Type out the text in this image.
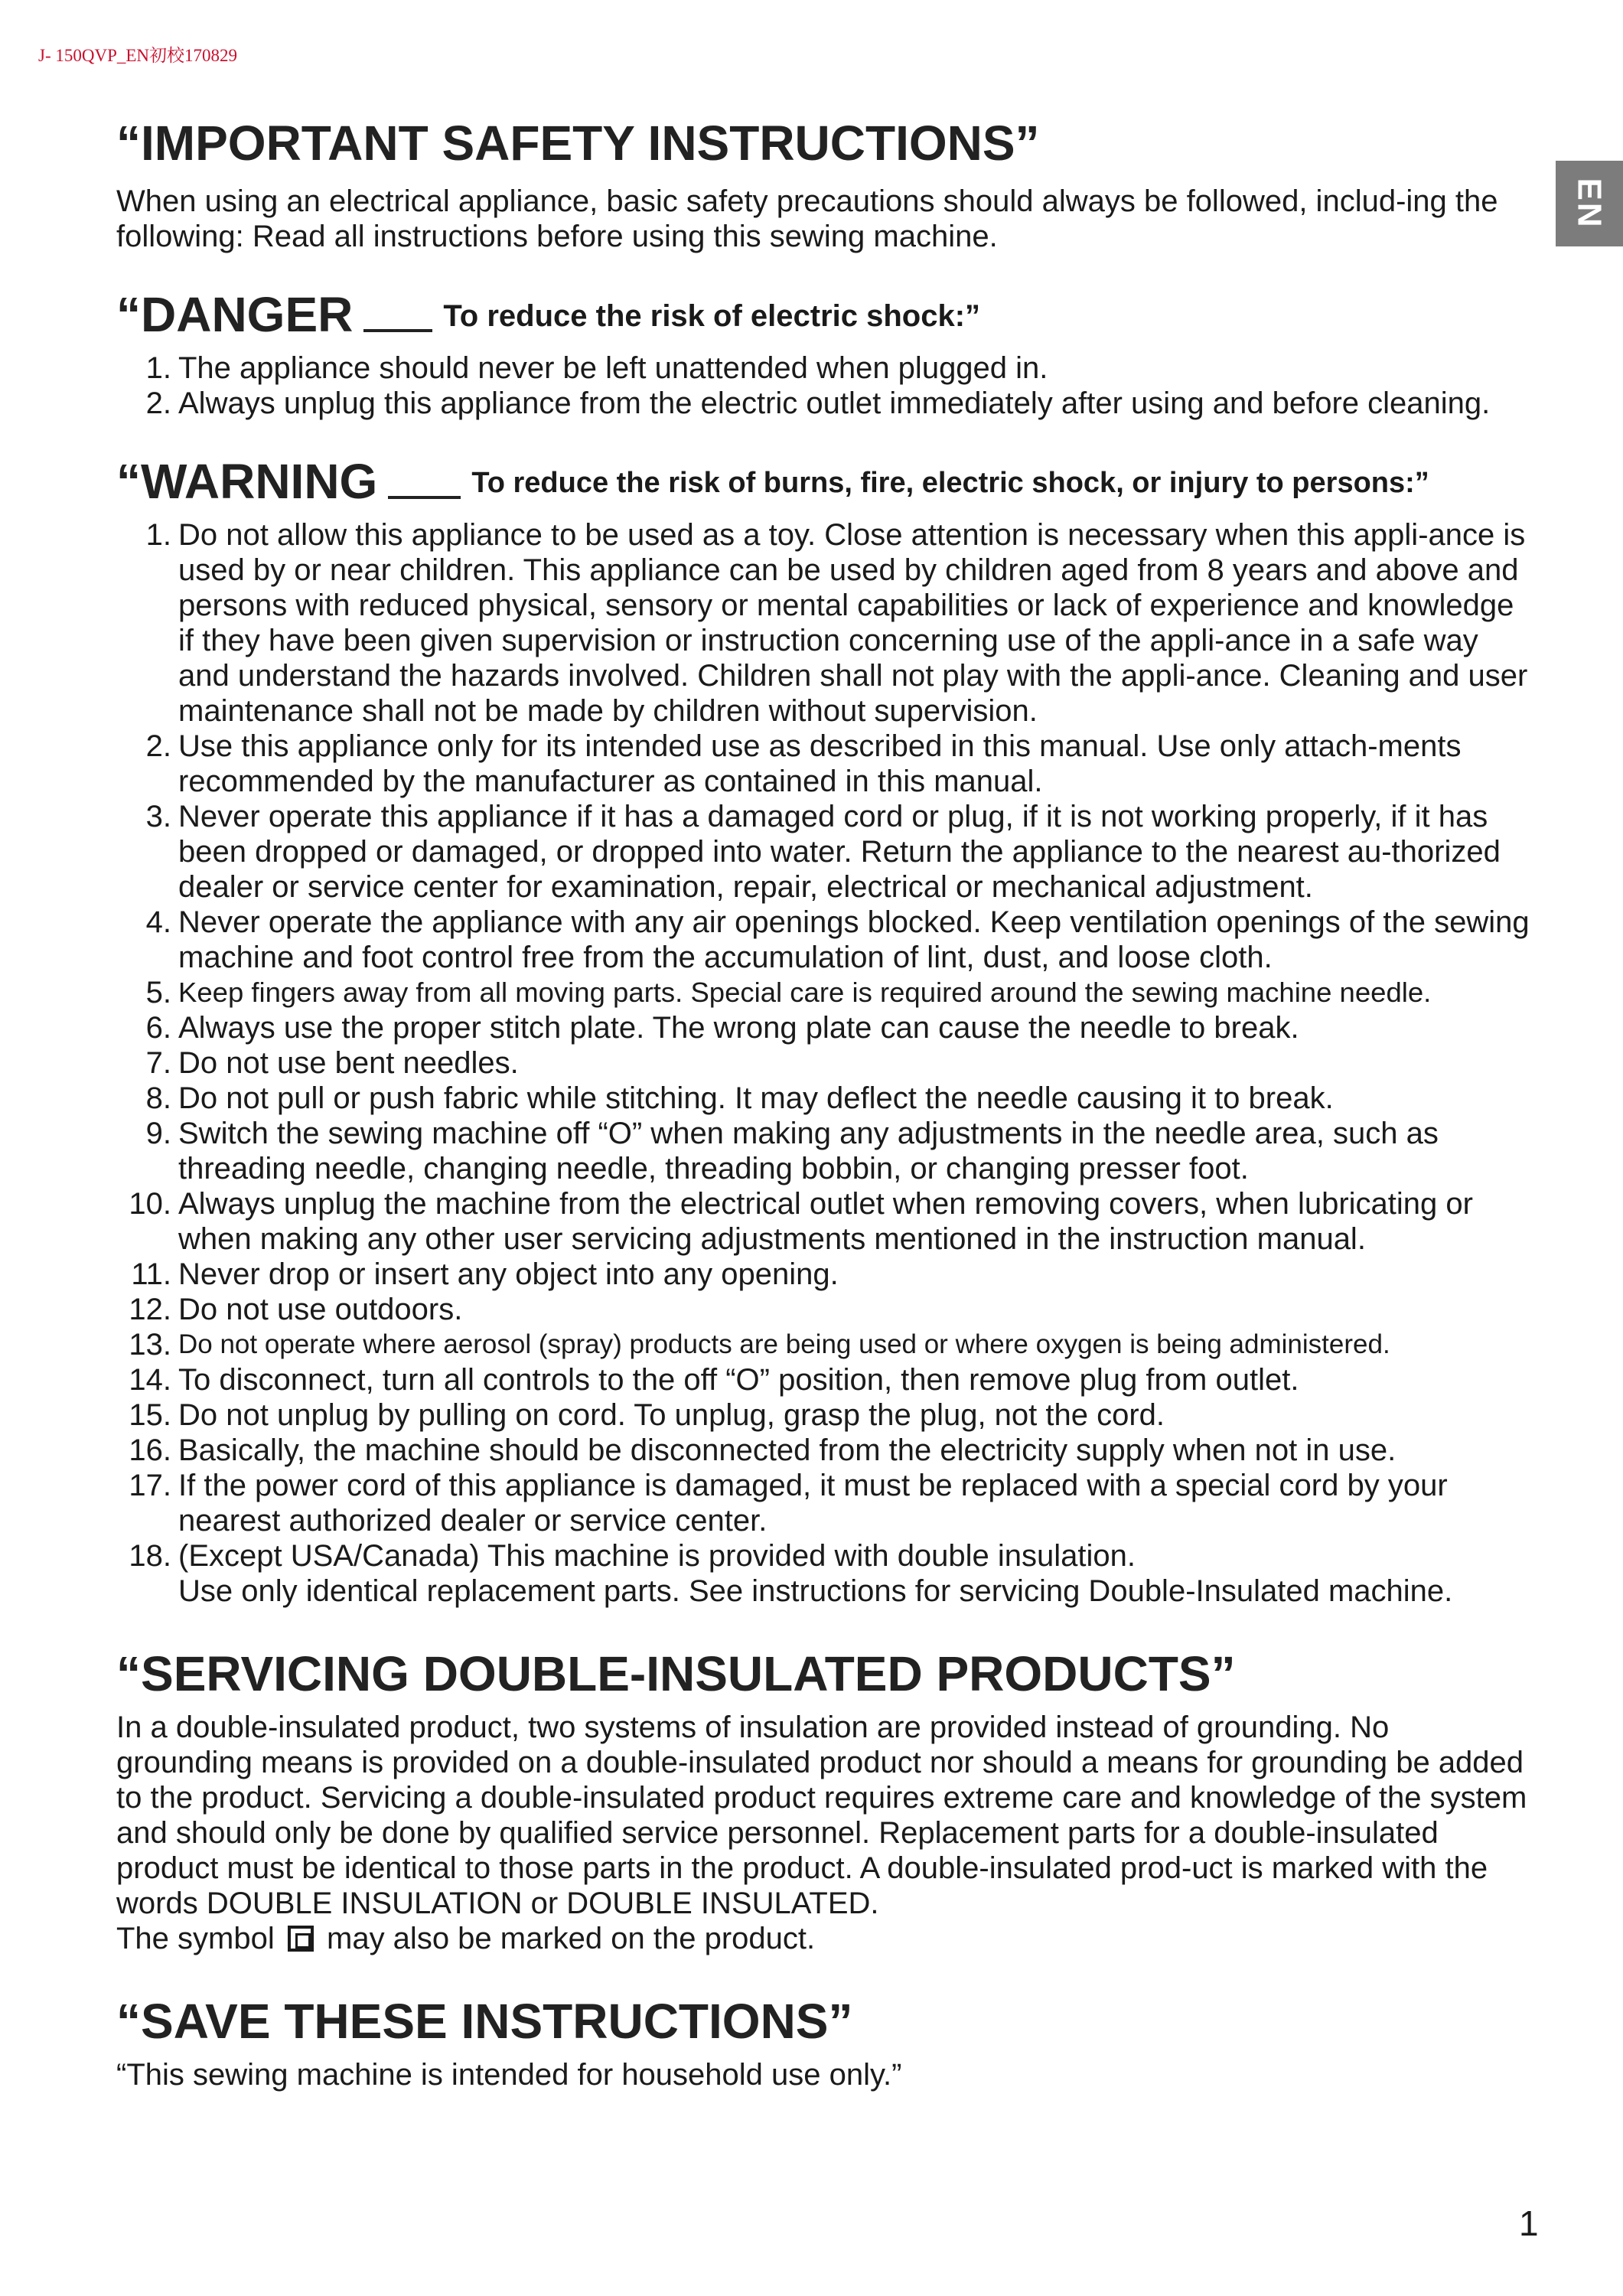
J- 150QVP_EN初校170829
EN
“IMPORTANT SAFETY INSTRUCTIONS”

When using an electrical appliance, basic safety precautions should always be followed, includ-ing the following: Read all instructions before using this sewing machine.

“DANGER	To reduce the risk of electric shock:”
1. The appliance should never be left unattended when plugged in.
2. Always unplug this appliance from the electric outlet immediately after using and before cleaning.
“WARNING	To reduce the risk of burns, fire, electric shock, or injury to persons:”
1. Do not allow this appliance to be used as a toy. Close attention is necessary when this appli-ance is used by or near children. This appliance can be used by children aged from 8 years and above and persons with reduced physical, sensory or mental capabilities or lack of experience and knowledge if they have been given supervision or instruction concerning use of the appli-ance in a safe way and understand the hazards involved. Children shall not play with the appli-ance. Cleaning and user maintenance shall not be made by children without supervision.
2. Use this appliance only for its intended use as described in this manual. Use only attach-ments recommended by the manufacturer as contained in this manual.
3. Never operate this appliance if it has a damaged cord or plug, if it is not working properly, if it has been dropped or damaged, or dropped into water. Return the appliance to the nearest au-thorized dealer or service center for examination, repair, electrical or mechanical adjustment.
4. Never operate the appliance with any air openings blocked. Keep ventilation openings of the sewing machine and foot control free from the accumulation of lint, dust, and loose cloth.
5. Keep fingers away from all moving parts. Special care is required around the sewing machine needle.
6. Always use the proper stitch plate. The wrong plate can cause the needle to break.
7. Do not use bent needles.
8. Do not pull or push fabric while stitching. It may deflect the needle causing it to break.
9. Switch the sewing machine off “O” when making any adjustments in the needle area, such as threading needle, changing needle, threading bobbin, or changing presser foot.
10. Always unplug the machine from the electrical outlet when removing covers, when lubricating or when making any other user servicing adjustments mentioned in the instruction manual.
11. Never drop or insert any object into any opening.
12. Do not use outdoors.
13. Do not operate where aerosol (spray) products are being used or where oxygen is being administered.
14. To disconnect, turn all controls to the off “O” position, then remove plug from outlet.
15. Do not unplug by pulling on cord. To unplug, grasp the plug, not the cord.
16. Basically, the machine should be disconnected from the electricity supply when not in use.
17. If the power cord of this appliance is damaged, it must be replaced with a special cord by your nearest authorized dealer or service center.
18. (Except USA/Canada) This machine is provided with double insulation.
Use only identical replacement parts. See instructions for servicing Double-Insulated machine.
“SERVICING DOUBLE-INSULATED PRODUCTS”

In a double-insulated product, two systems of insulation are provided instead of grounding. No grounding means is provided on a double-insulated product nor should a means for grounding be added to the product. Servicing a double-insulated product requires extreme care and knowledge of the system and should only be done by qualified service personnel. Replacement parts for a double-insulated product must be identical to those parts in the product. A double-insulated prod-uct is marked with the words DOUBLE INSULATION or DOUBLE INSULATED.

The symbol may also be marked on the product.

“SAVE THESE INSTRUCTIONS”

“This sewing machine is intended for household use only.”

1
